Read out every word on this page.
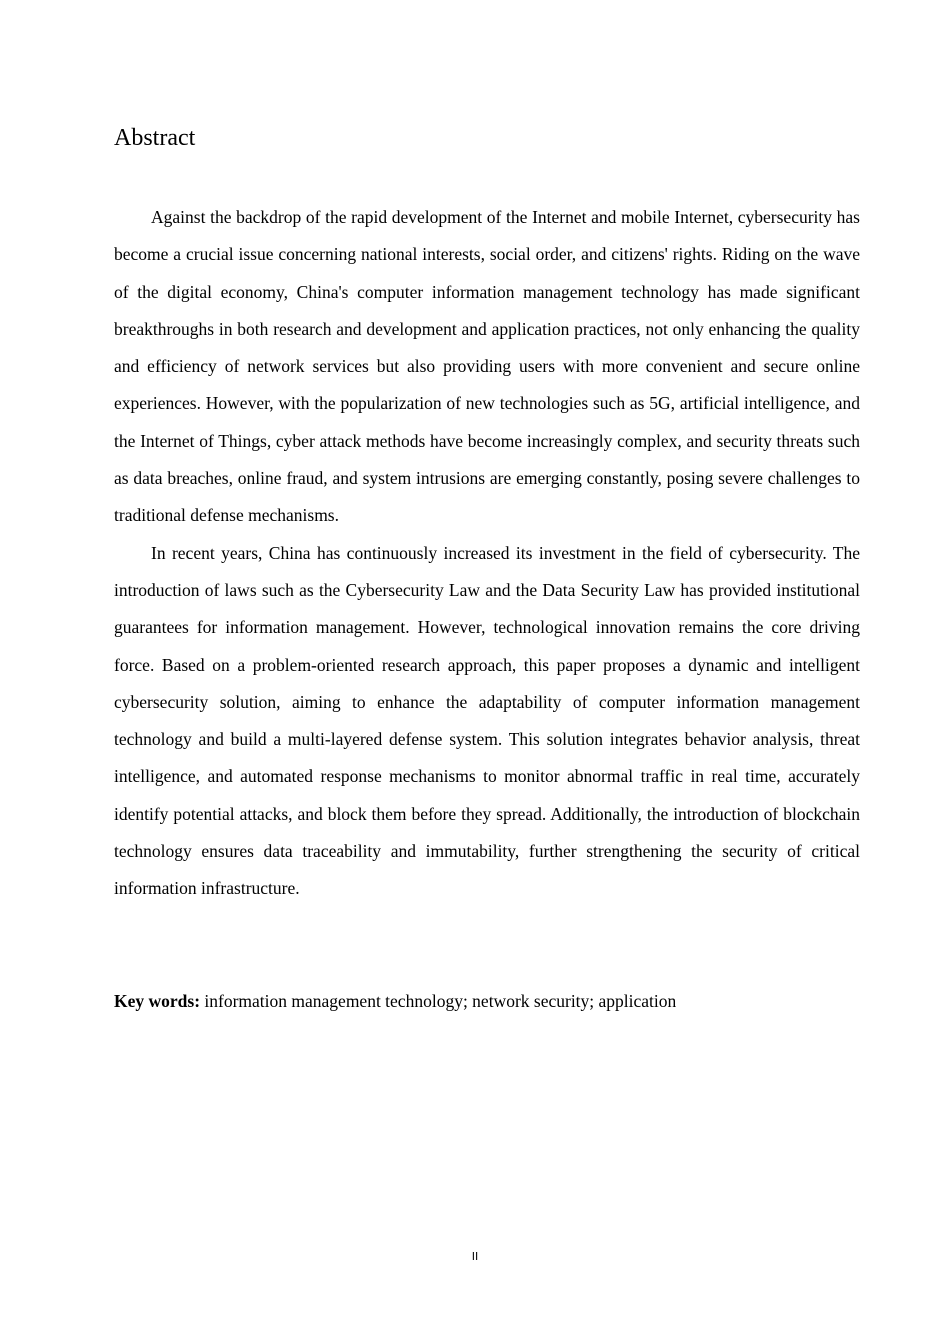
Abstract

Against the backdrop of the rapid development of the Internet and mobile Internet, cybersecurity has become a crucial issue concerning national interests, social order, and citizens' rights. Riding on the wave of the digital economy, China's computer information management technology has made significant breakthroughs in both research and development and application practices, not only enhancing the quality and efficiency of network services but also providing users with more convenient and secure online experiences. However, with the popularization of new technologies such as 5G, artificial intelligence, and the Internet of Things, cyber attack methods have become increasingly complex, and security threats such as data breaches, online fraud, and system intrusions are emerging constantly, posing severe challenges to traditional defense mechanisms.

In recent years, China has continuously increased its investment in the field of cybersecurity. The introduction of laws such as the Cybersecurity Law and the Data Security Law has provided institutional guarantees for information management. However, technological innovation remains the core driving force. Based on a problem-oriented research approach, this paper proposes a dynamic and intelligent cybersecurity solution, aiming to enhance the adaptability of computer information management technology and build a multi-layered defense system. This solution integrates behavior analysis, threat intelligence, and automated response mechanisms to monitor abnormal traffic in real time, accurately identify potential attacks, and block them before they spread. Additionally, the introduction of blockchain technology ensures data traceability and immutability, further strengthening the security of critical information infrastructure.

Key words: information management technology; network security; application

II
